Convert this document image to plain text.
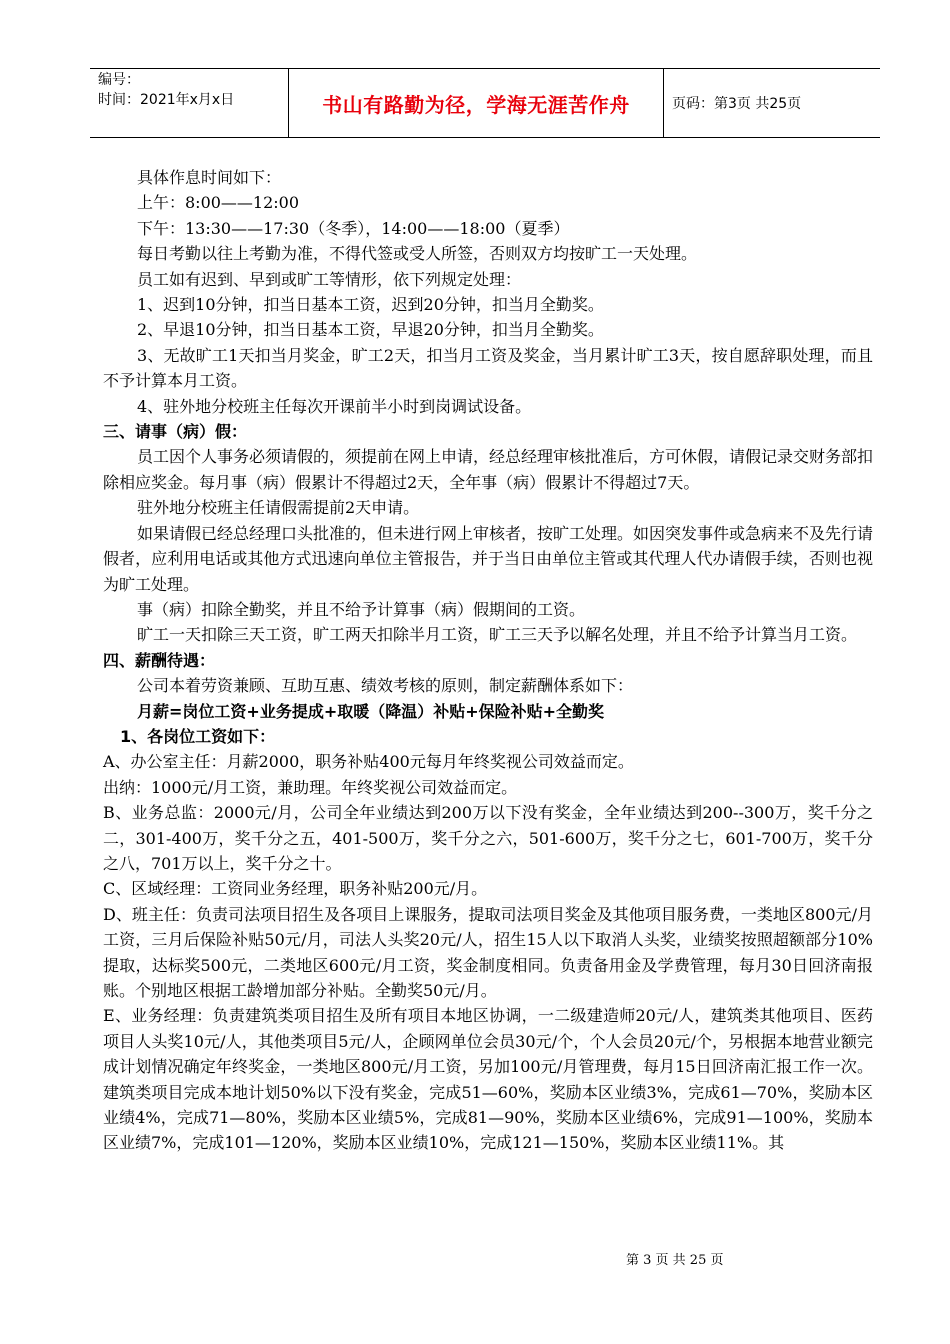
编号：
时间：2021年x月x日	书山有路勤为径，学海无涯苦作舟	页码：第3页 共25页

具体作息时间如下：

上午：8:00——12:00

下午：13:30——17:30（冬季），14:00——18:00（夏季）

每日考勤以往上考勤为准，不得代签或受人所签，否则双方均按旷工一天处理。

员工如有迟到、早到或旷工等情形，依下列规定处理：

1、迟到10分钟，扣当日基本工资，迟到20分钟，扣当月全勤奖。

2、早退10分钟，扣当日基本工资，早退20分钟，扣当月全勤奖。

3、无故旷工1天扣当月奖金，旷工2天，扣当月工资及奖金，当月累计旷工3天，按自愿辞职处理，而且不予计算本月工资。

4、驻外地分校班主任每次开课前半小时到岗调试设备。

三、请事（病）假：

员工因个人事务必须请假的，须提前在网上申请，经总经理审核批准后，方可休假，请假记录交财务部扣除相应奖金。每月事（病）假累计不得超过2天，全年事（病）假累计不得超过7天。

驻外地分校班主任请假需提前2天申请。

如果请假已经总经理口头批准的，但未进行网上审核者，按旷工处理。如因突发事件或急病来不及先行请假者，应利用电话或其他方式迅速向单位主管报告，并于当日由单位主管或其代理人代办请假手续，否则也视为旷工处理。

事（病）扣除全勤奖，并且不给予计算事（病）假期间的工资。

旷工一天扣除三天工资，旷工两天扣除半月工资，旷工三天予以解名处理，并且不给予计算当月工资。

四、薪酬待遇：

公司本着劳资兼顾、互助互惠、绩效考核的原则，制定薪酬体系如下：

月薪=岗位工资+业务提成+取暖（降温）补贴+保险补贴+全勤奖

1、各岗位工资如下：

A、办公室主任：月薪2000，职务补贴400元每月年终奖视公司效益而定。

出纳：1000元/月工资，兼助理。年终奖视公司效益而定。

B、业务总监：2000元/月，公司全年业绩达到200万以下没有奖金，全年业绩达到200--300万，奖千分之二，301-400万，奖千分之五，401-500万，奖千分之六，501-600万，奖千分之七，601-700万，奖千分之八，701万以上，奖千分之十。

C、区域经理：工资同业务经理，职务补贴200元/月。

D、班主任：负责司法项目招生及各项目上课服务，提取司法项目奖金及其他项目服务费，一类地区800元/月工资，三月后保险补贴50元/月，司法人头奖20元/人，招生15人以下取消人头奖，业绩奖按照超额部分10%提取，达标奖500元，二类地区600元/月工资，奖金制度相同。负责备用金及学费管理，每月30日回济南报账。个别地区根据工龄增加部分补贴。全勤奖50元/月。

E、业务经理：负责建筑类项目招生及所有项目本地区协调，一二级建造师20元/人，建筑类其他项目、医药项目人头奖10元/人，其他类项目5元/人，企顾网单位会员30元/个，个人会员20元/个，另根据本地营业额完成计划情况确定年终奖金，一类地区800元/月工资，另加100元/月管理费，每月15日回济南汇报工作一次。建筑类项目完成本地计划50%以下没有奖金，完成51—60%，奖励本区业绩3%，完成61—70%，奖励本区业绩4%，完成71—80%，奖励本区业绩5%，完成81—90%，奖励本区业绩6%，完成91—100%，奖励本区业绩7%，完成101—120%，奖励本区业绩10%，完成121—150%，奖励本区业绩11%。其

第 3 页 共 25 页
